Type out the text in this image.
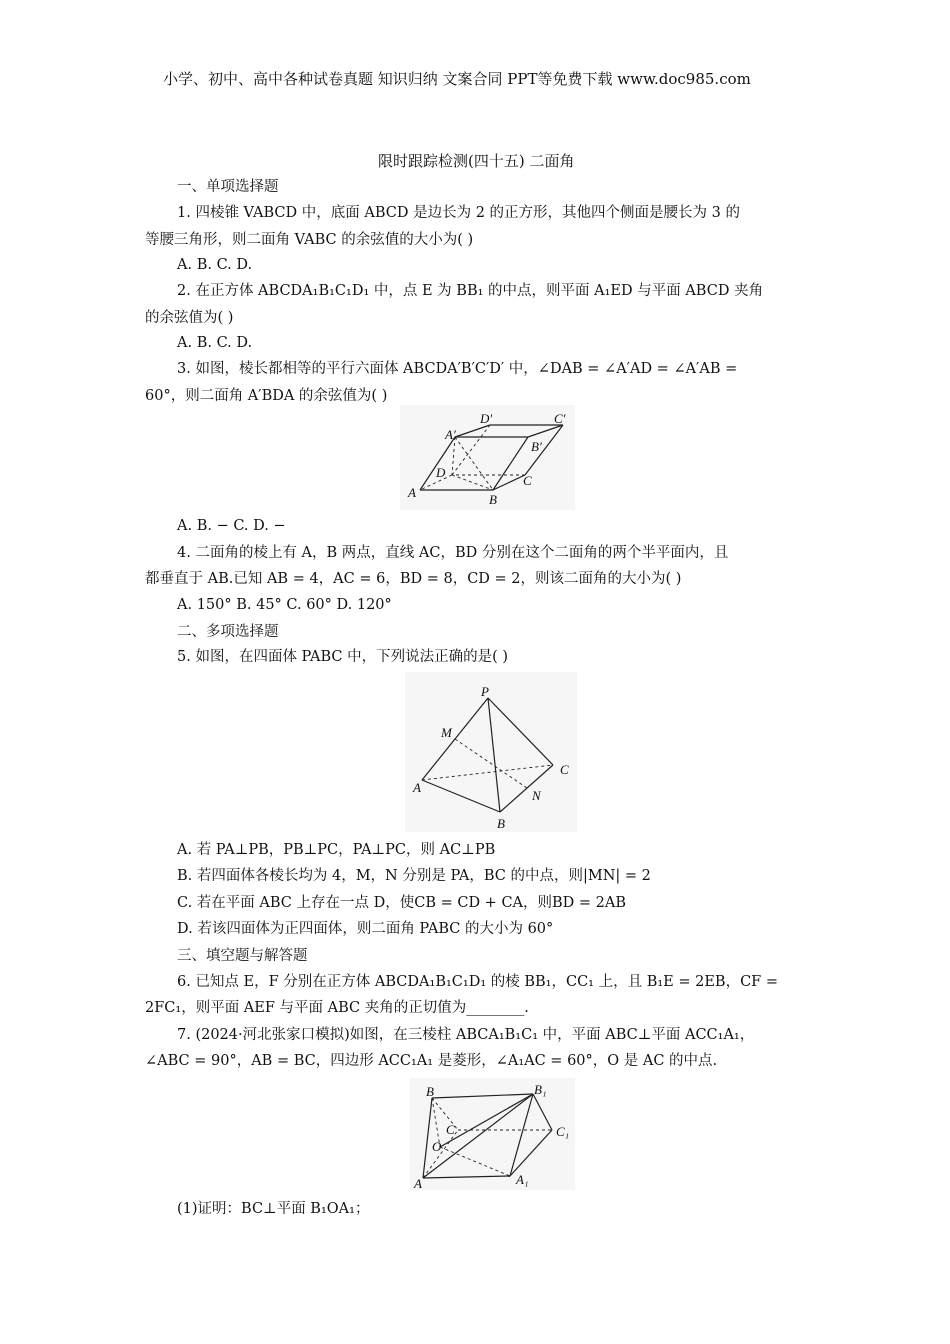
小学、初中、高中各种试卷真题 知识归纳 文案合同 PPT等免费下载 www.doc985.com
限时跟踪检测(四十五) 二面角
一、单项选择题
1. 四棱锥 VABCD 中，底面 ABCD 是边长为 2 的正方形，其他四个侧面是腰长为 3 的
等腰三角形，则二面角 VABC 的余弦值的大小为( )
A. B. C. D.
2. 在正方体 ABCDA₁B₁C₁D₁ 中，点 E 为 BB₁ 的中点，则平面 A₁ED 与平面 ABCD 夹角
的余弦值为( )
A. B. C. D.
3. 如图，棱长都相等的平行六面体 ABCDA′B′C′D′ 中，∠DAB = ∠A′AD = ∠A′AB =
60°，则二面角 A′BDA 的余弦值为( )
A	B
C
D
A′
B′
C′
D′
A. B. − C. D. −
4. 二面角的棱上有 A，B 两点，直线 AC，BD 分别在这个二面角的两个半平面内，且
都垂直于 AB.已知 AB = 4，AC = 6，BD = 8，CD = 2，则该二面角的大小为( )
A. 150° B. 45° C. 60° D. 120°
二、多项选择题
5. 如图，在四面体 PABC 中，下列说法正确的是( )
P
A
B
C
M
N
A. 若 PA⊥PB，PB⊥PC，PA⊥PC，则 AC⊥PB
B. 若四面体各棱长均为 4，M，N 分别是 PA，BC 的中点，则|MN| = 2
C. 若在平面 ABC 上存在一点 D，使CB = CD + CA，则BD = 2AB
D. 若该四面体为正四面体，则二面角 PABC 的大小为 60°
三、填空题与解答题
6. 已知点 E，F 分别在正方体 ABCDA₁B₁C₁D₁ 的棱 BB₁，CC₁ 上，且 B₁E = 2EB，CF =
2FC₁，则平面 AEF 与平面 ABC 夹角的正切值为________.
7. (2024·河北张家口模拟)如图，在三棱柱 ABCA₁B₁C₁ 中，平面 ABC⊥平面 ACC₁A₁，
∠ABC = 90°，AB = BC，四边形 ACC₁A₁ 是菱形，∠A₁AC = 60°，O 是 AC 的中点.
A
B
C
O
A₁
B₁
C₁
(1)证明：BC⊥平面 B₁OA₁；
